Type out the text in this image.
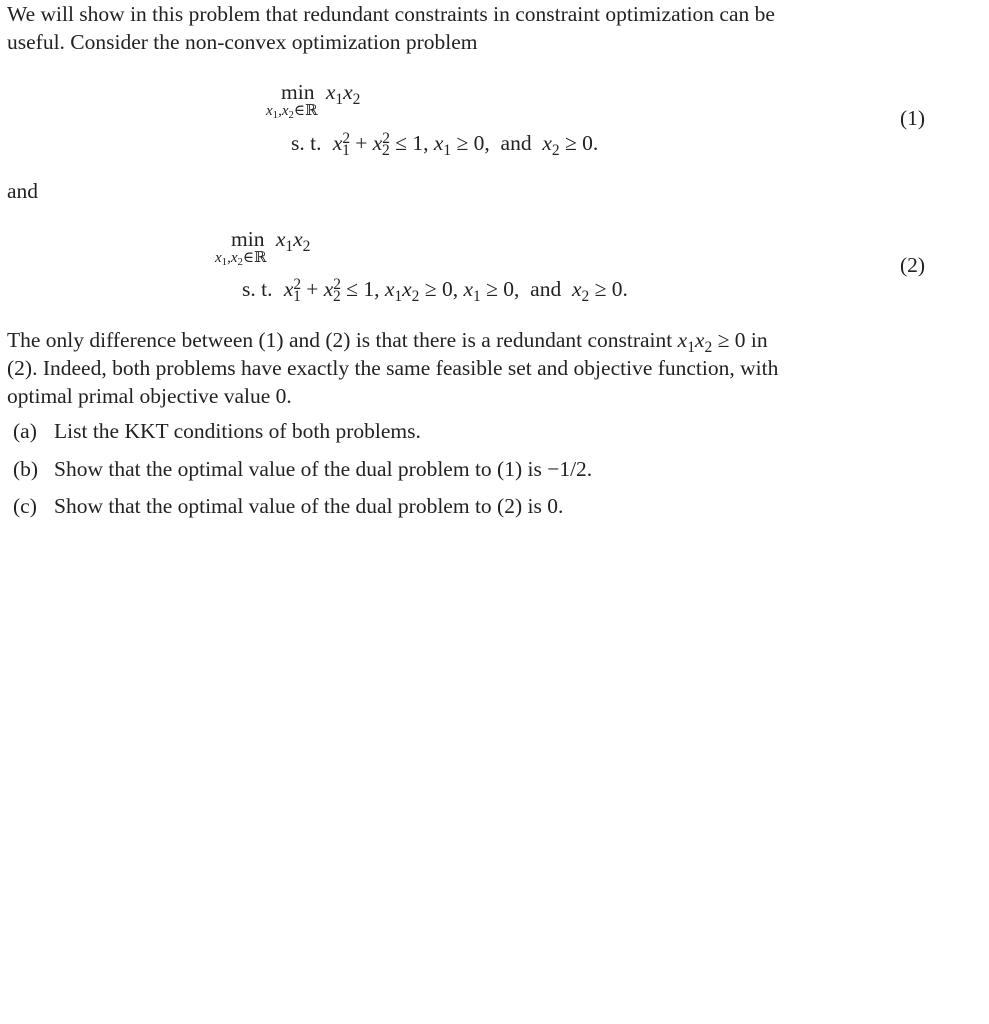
We will show in this problem that redundant constraints in constraint optimization can be
useful. Consider the non-convex optimization problem
$\min x_1x_2$
$x_1,x_2\in ℝ$
s. t. $x^2_1 + x^2_2 \le 1$, $x_1 \ge 0$, and $x_2 \ge 0$.
(1)
and
$\min x_1x_2$
$x_1,x_2\in ℝ$
s. t. $x^2_1 + x^2_2 \le 1$, $x_1x_2 \ge 0$, $x_1 \ge 0$, and $x_2 \ge 0$.
(2)
The only difference between (1) and (2) is that there is a redundant constraint $x_1x_2 \ge 0$ in
(2). Indeed, both problems have exactly the same feasible set and objective function, with
optimal primal objective value 0.
(a) List the KKT conditions of both problems.
(b) Show that the optimal value of the dual problem to (1) is −1/2.
(c) Show that the optimal value of the dual problem to (2) is 0.
